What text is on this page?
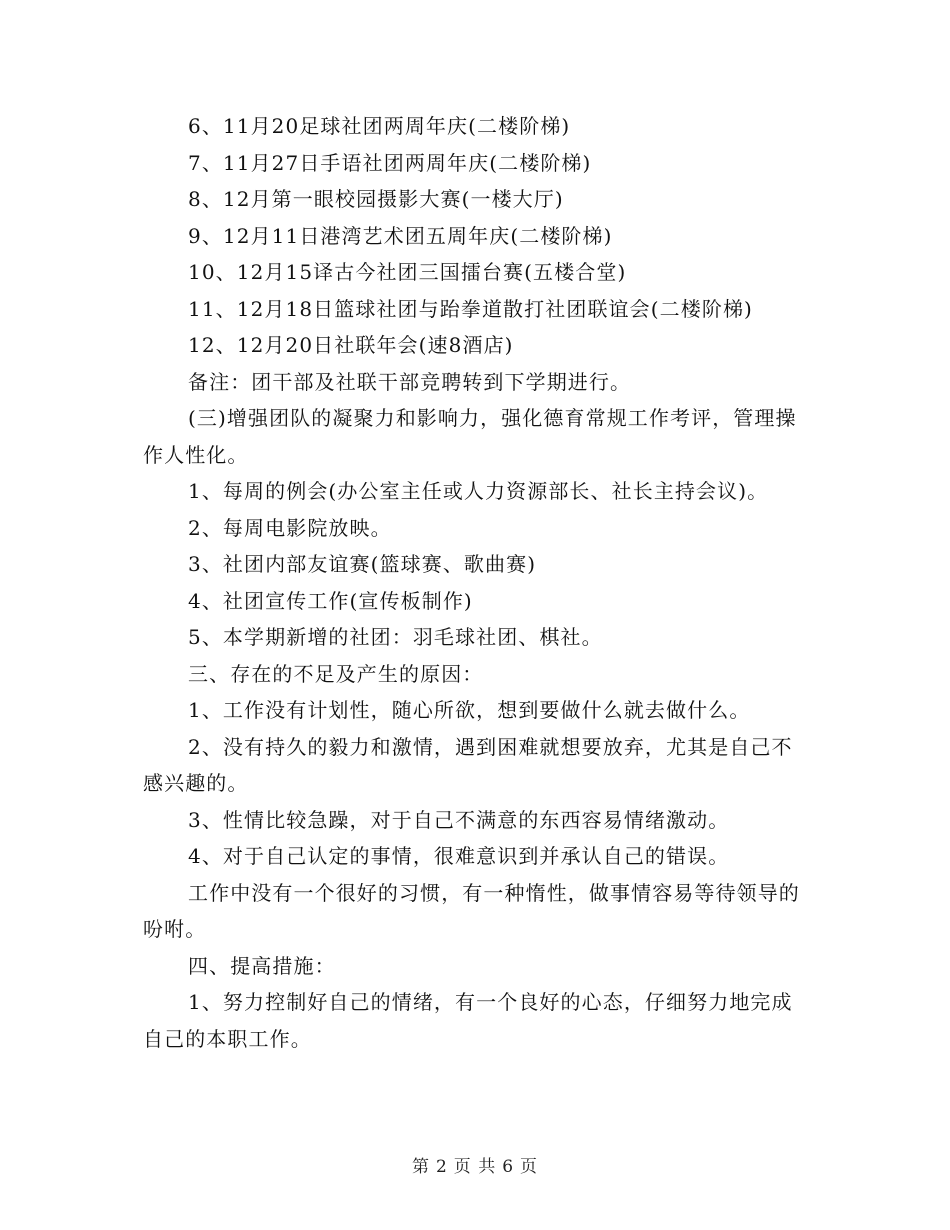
6、11月20足球社团两周年庆(二楼阶梯)

7、11月27日手语社团两周年庆(二楼阶梯)

8、12月第一眼校园摄影大赛(一楼大厅)

9、12月11日港湾艺术团五周年庆(二楼阶梯)

10、12月15译古今社团三国擂台赛(五楼合堂)

11、12月18日篮球社团与跆拳道散打社团联谊会(二楼阶梯)

12、12月20日社联年会(速8酒店)

备注：团干部及社联干部竞聘转到下学期进行。

(三)增强团队的凝聚力和影响力，强化德育常规工作考评，管理操作人性化。

1、每周的例会(办公室主任或人力资源部长、社长主持会议)。

2、每周电影院放映。

3、社团内部友谊赛(篮球赛、歌曲赛)

4、社团宣传工作(宣传板制作)

5、本学期新增的社团：羽毛球社团、棋社。

三、存在的不足及产生的原因：

1、工作没有计划性，随心所欲，想到要做什么就去做什么。

2、没有持久的毅力和激情，遇到困难就想要放弃，尤其是自己不感兴趣的。

3、性情比较急躁，对于自己不满意的东西容易情绪激动。

4、对于自己认定的事情，很难意识到并承认自己的错误。

工作中没有一个很好的习惯，有一种惰性，做事情容易等待领导的吩咐。

四、提高措施：

1、努力控制好自己的情绪，有一个良好的心态，仔细努力地完成自己的本职工作。

第 2 页 共 6 页
